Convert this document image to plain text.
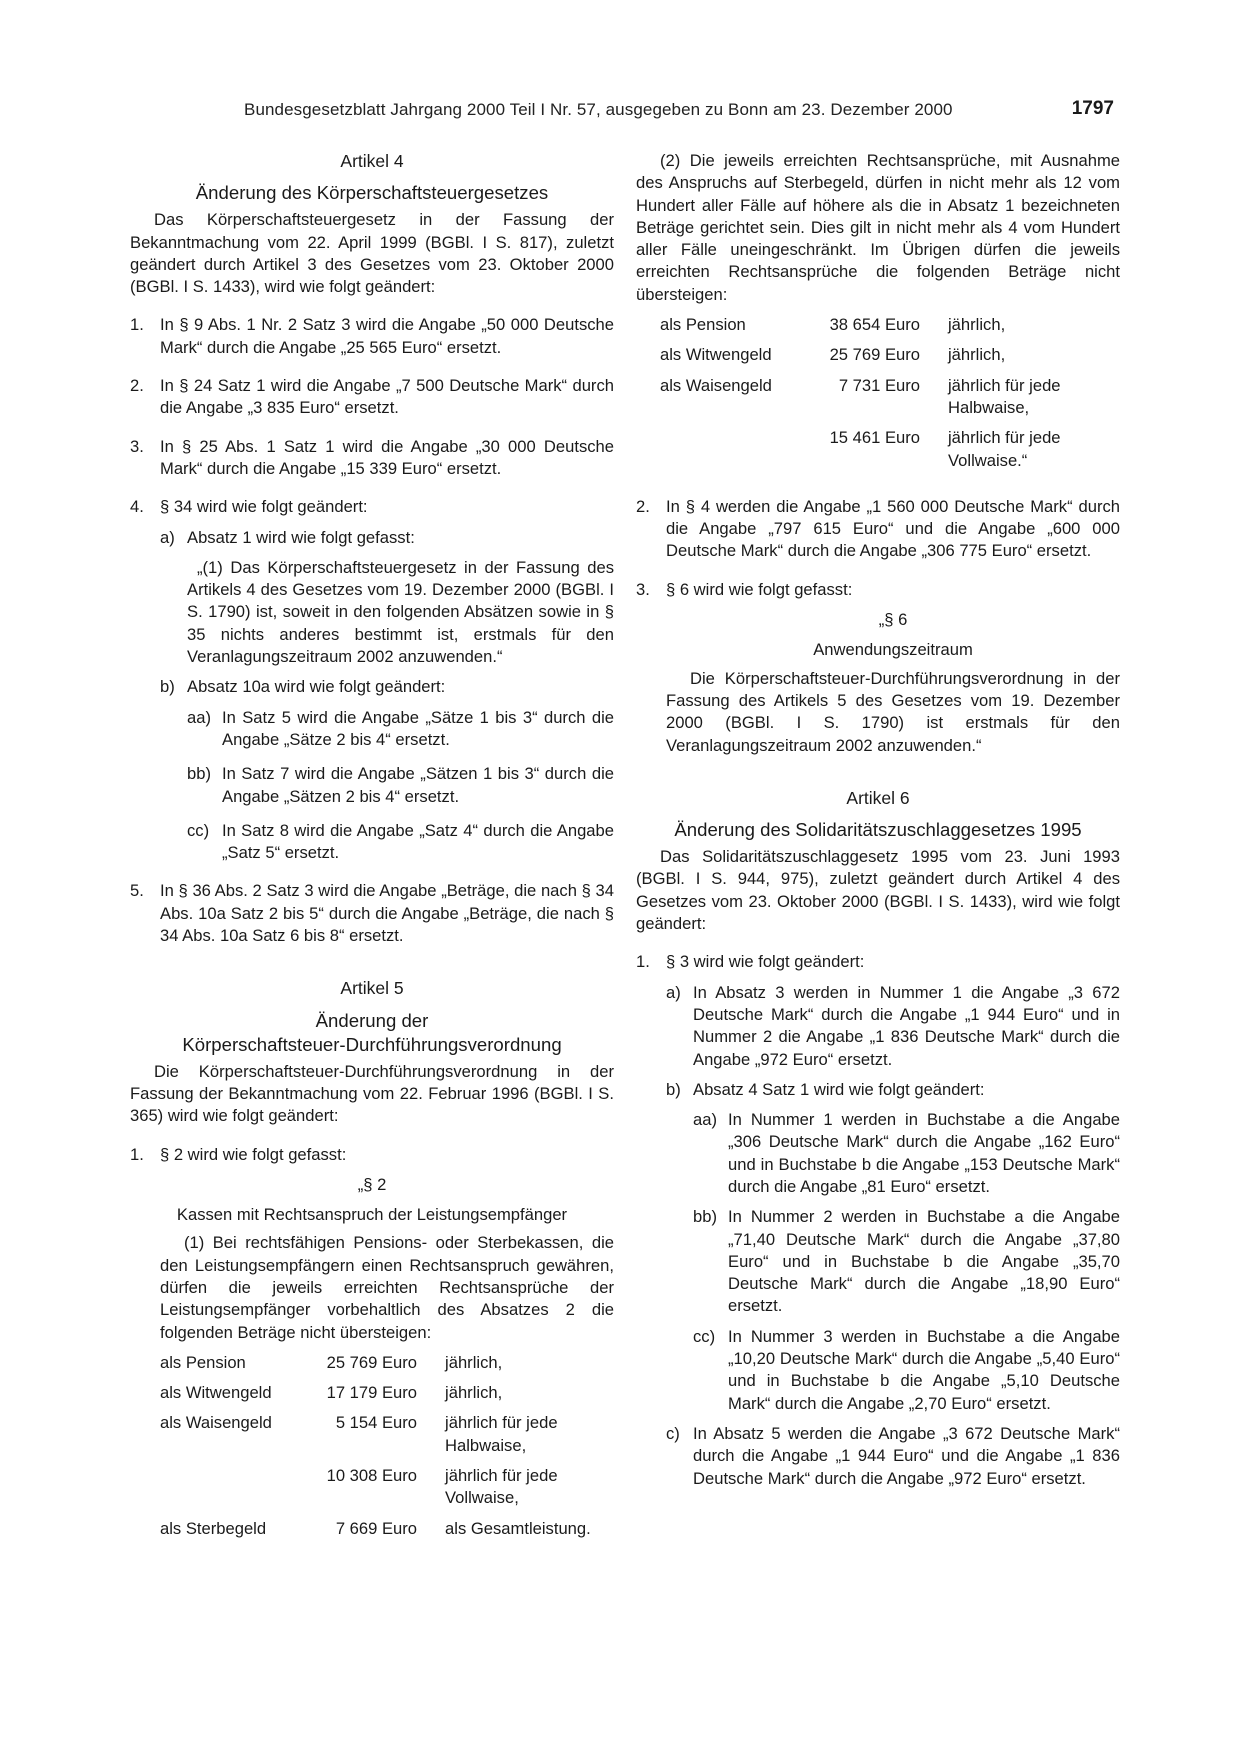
Bundesgesetzblatt Jahrgang 2000 Teil I Nr. 57, ausgegeben zu Bonn am 23. Dezember 2000	1797
Artikel 4
Änderung des Körperschaftsteuergesetzes

Das Körperschaftsteuergesetz in der Fassung der Bekanntmachung vom 22. April 1999 (BGBl. I S. 817), zuletzt geändert durch Artikel 3 des Gesetzes vom 23. Oktober 2000 (BGBl. I S. 1433), wird wie folgt geändert:

1. In § 9 Abs. 1 Nr. 2 Satz 3 wird die Angabe „50 000 Deutsche Mark“ durch die Angabe „25 565 Euro“ ersetzt.
2. In § 24 Satz 1 wird die Angabe „7 500 Deutsche Mark“ durch die Angabe „3 835 Euro“ ersetzt.
3. In § 25 Abs. 1 Satz 1 wird die Angabe „30 000 Deutsche Mark“ durch die Angabe „15 339 Euro“ ersetzt.
4. § 34 wird wie folgt geändert:
a) Absatz 1 wird wie folgt gefasst:

„(1) Das Körperschaftsteuergesetz in der Fassung des Artikels 4 des Gesetzes vom 19. Dezember 2000 (BGBl. I S. 1790) ist, soweit in den folgenden Absätzen sowie in § 35 nichts anderes bestimmt ist, erstmals für den Veranlagungszeitraum 2002 anzuwenden.“

b) Absatz 10a wird wie folgt geändert:
aa) In Satz 5 wird die Angabe „Sätze 1 bis 3“ durch die Angabe „Sätze 2 bis 4“ ersetzt.
bb) In Satz 7 wird die Angabe „Sätzen 1 bis 3“ durch die Angabe „Sätzen 2 bis 4“ ersetzt.
cc) In Satz 8 wird die Angabe „Satz 4“ durch die Angabe „Satz 5“ ersetzt.
5. In § 36 Abs. 2 Satz 3 wird die Angabe „Beträge, die nach § 34 Abs. 10a Satz 2 bis 5“ durch die Angabe „Beträge, die nach § 34 Abs. 10a Satz 6 bis 8“ ersetzt.
Artikel 5
Änderung der
Körperschaftsteuer-Durchführungsverordnung

Die Körperschaftsteuer-Durchführungsverordnung in der Fassung der Bekanntmachung vom 22. Februar 1996 (BGBl. I S. 365) wird wie folgt geändert:

1. § 2 wird wie folgt gefasst:

„§ 2

Kassen mit Rechtsanspruch der Leistungsempfänger

(1) Bei rechtsfähigen Pensions- oder Sterbekassen, die den Leistungsempfängern einen Rechtsanspruch gewähren, dürfen die jeweils erreichten Rechtsansprüche der Leistungsempfänger vorbehaltlich des Absatzes 2 die folgenden Beträge nicht übersteigen:

als Pension	25 769 Euro	jährlich,
als Witwengeld	17 179 Euro	jährlich,
als Waisengeld	5 154 Euro	jährlich für jede Halbwaise,
	10 308 Euro	jährlich für jede Vollwaise,
als Sterbegeld	7 669 Euro	als Gesamtleistung.

(2) Die jeweils erreichten Rechtsansprüche, mit Ausnahme des Anspruchs auf Sterbegeld, dürfen in nicht mehr als 12 vom Hundert aller Fälle auf höhere als die in Absatz 1 bezeichneten Beträge gerichtet sein. Dies gilt in nicht mehr als 4 vom Hundert aller Fälle uneingeschränkt. Im Übrigen dürfen die jeweils erreichten Rechtsansprüche die folgenden Beträge nicht übersteigen:

als Pension	38 654 Euro	jährlich,
als Witwengeld	25 769 Euro	jährlich,
als Waisengeld	7 731 Euro	jährlich für jede Halbwaise,
	15 461 Euro	jährlich für jede Vollwaise.“
2. In § 4 werden die Angabe „1 560 000 Deutsche Mark“ durch die Angabe „797 615 Euro“ und die Angabe „600 000 Deutsche Mark“ durch die Angabe „306 775 Euro“ ersetzt.
3. § 6 wird wie folgt gefasst:

„§ 6

Anwendungszeitraum

Die Körperschaftsteuer-Durchführungsverordnung in der Fassung des Artikels 5 des Gesetzes vom 19. Dezember 2000 (BGBl. I S. 1790) ist erstmals für den Veranlagungszeitraum 2002 anzuwenden.“

Artikel 6
Änderung des Solidaritätszuschlaggesetzes 1995

Das Solidaritätszuschlaggesetz 1995 vom 23. Juni 1993 (BGBl. I S. 944, 975), zuletzt geändert durch Artikel 4 des Gesetzes vom 23. Oktober 2000 (BGBl. I S. 1433), wird wie folgt geändert:

1. § 3 wird wie folgt geändert:
a) In Absatz 3 werden in Nummer 1 die Angabe „3 672 Deutsche Mark“ durch die Angabe „1 944 Euro“ und in Nummer 2 die Angabe „1 836 Deutsche Mark“ durch die Angabe „972 Euro“ ersetzt.
b) Absatz 4 Satz 1 wird wie folgt geändert:
aa) In Nummer 1 werden in Buchstabe a die Angabe „306 Deutsche Mark“ durch die Angabe „162 Euro“ und in Buchstabe b die Angabe „153 Deutsche Mark“ durch die Angabe „81 Euro“ ersetzt.
bb) In Nummer 2 werden in Buchstabe a die Angabe „71,40 Deutsche Mark“ durch die Angabe „37,80 Euro“ und in Buchstabe b die Angabe „35,70 Deutsche Mark“ durch die Angabe „18,90 Euro“ ersetzt.
cc) In Nummer 3 werden in Buchstabe a die Angabe „10,20 Deutsche Mark“ durch die Angabe „5,40 Euro“ und in Buchstabe b die Angabe „5,10 Deutsche Mark“ durch die Angabe „2,70 Euro“ ersetzt.
c) In Absatz 5 werden die Angabe „3 672 Deutsche Mark“ durch die Angabe „1 944 Euro“ und die Angabe „1 836 Deutsche Mark“ durch die Angabe „972 Euro“ ersetzt.
